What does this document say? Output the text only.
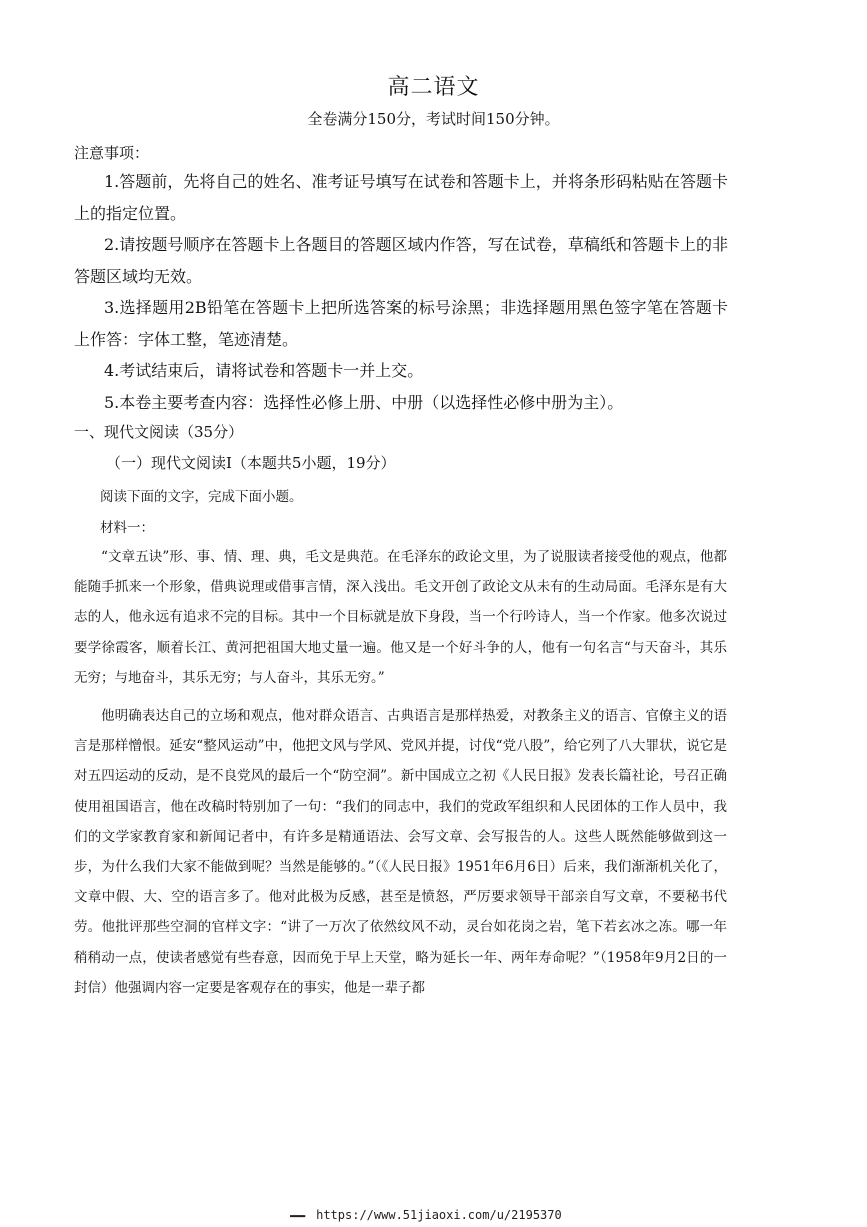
高二语文
全卷满分150分，考试时间150分钟。
注意事项：

1.答题前，先将自己的姓名、准考证号填写在试卷和答题卡上，并将条形码粘贴在答题卡上的指定位置。

2.请按题号顺序在答题卡上各题目的答题区域内作答，写在试卷，草稿纸和答题卡上的非答题区域均无效。

3.选择题用2B铅笔在答题卡上把所选答案的标号涂黑；非选择题用黑色签字笔在答题卡上作答：字体工整，笔迹清楚。

4.考试结束后，请将试卷和答题卡一并上交。

5.本卷主要考查内容：选择性必修上册、中册（以选择性必修中册为主）。

一、现代文阅读（35分）
（一）现代文阅读Ⅰ（本题共5小题，19分）
阅读下面的文字，完成下面小题。
材料一：

“文章五诀”形、事、情、理、典，毛文是典范。在毛泽东的政论文里，为了说服读者接受他的观点，他都能随手抓来一个形象，借典说理或借事言情，深入浅出。毛文开创了政论文从未有的生动局面。毛泽东是有大志的人，他永远有追求不完的目标。其中一个目标就是放下身段，当一个行吟诗人，当一个作家。他多次说过要学徐霞客，顺着长江、黄河把祖国大地丈量一遍。他又是一个好斗争的人，他有一句名言“与天奋斗，其乐无穷；与地奋斗，其乐无穷；与人奋斗，其乐无穷。”

他明确表达自己的立场和观点，他对群众语言、古典语言是那样热爱，对教条主义的语言、官僚主义的语言是那样憎恨。延安“整风运动”中，他把文风与学风、党风并提，讨伐“党八股”，给它列了八大罪状，说它是对五四运动的反动，是不良党风的最后一个“防空洞”。新中国成立之初《人民日报》发表长篇社论，号召正确使用祖国语言，他在改稿时特别加了一句：“我们的同志中，我们的党政军组织和人民团体的工作人员中，我们的文学家教育家和新闻记者中，有许多是精通语法、会写文章、会写报告的人。这些人既然能够做到这一步，为什么我们大家不能做到呢？当然是能够的。”（《人民日报》1951年6月6日）后来，我们渐渐机关化了，文章中假、大、空的语言多了。他对此极为反感，甚至是愤怒，严厉要求领导干部亲自写文章，不要秘书代劳。他批评那些空洞的官样文字：“讲了一万次了依然纹风不动，灵台如花岗之岩，笔下若玄冰之冻。哪一年稍稍动一点，使读者感觉有些春意，因而免于早上天堂，略为延长一年、两年寿命呢？”（1958年9月2日的一封信）他强调内容一定要是客观存在的事实，他是一辈子都

▬▬▬▬ https://www.51jiaoxi.com/u/2195370
